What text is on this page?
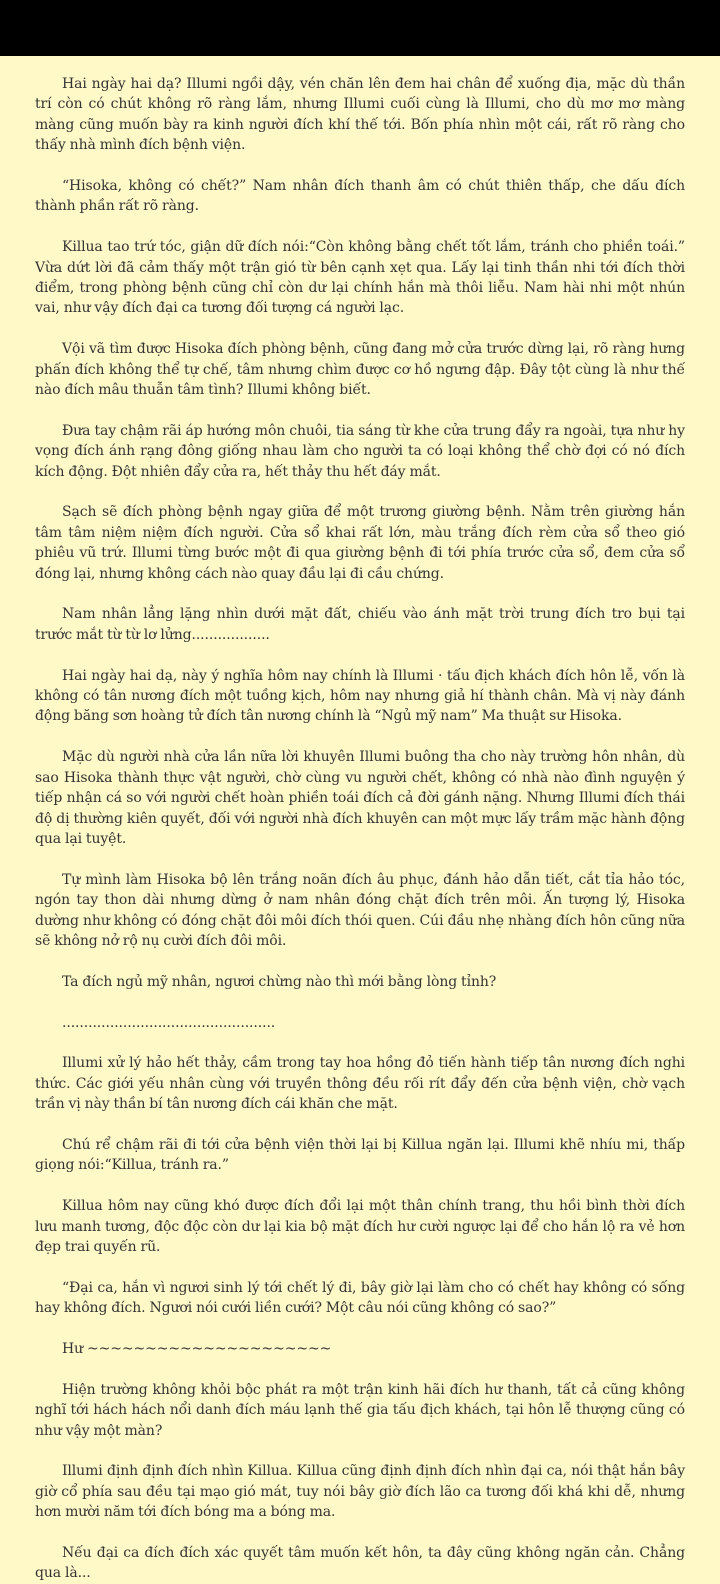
Hai ngày hai dạ? Illumi ngồi dậy, vén chăn lên đem hai chân để xuống địa, mặc dù thần trí còn có chút không rõ ràng lắm, nhưng Illumi cuối cùng là Illumi, cho dù mơ mơ màng màng cũng muốn bày ra kinh người đích khí thế tới. Bốn phía nhìn một cái, rất rõ ràng cho thấy nhà mình đích bệnh viện.

“Hisoka, không có chết?” Nam nhân đích thanh âm có chút thiên thấp, che dấu đích thành phần rất rõ ràng.

Killua tao trứ tóc, giận dữ đích nói:“Còn không bằng chết tốt lắm, tránh cho phiền toái.” Vừa dứt lời đã cảm thấy một trận gió từ bên cạnh xẹt qua. Lấy lại tinh thần nhi tới đích thời điểm, trong phòng bệnh cũng chỉ còn dư lại chính hắn mà thôi liễu. Nam hài nhi một nhún vai, như vậy đích đại ca tương đối tượng cá người lạc.

Vội vã tìm được Hisoka đích phòng bệnh, cũng đang mở cửa trước dừng lại, rõ ràng hưng phấn đích không thể tự chế, tâm nhưng chìm được cơ hồ ngưng đập. Đây tột cùng là như thế nào đích mâu thuẫn tâm tình? Illumi không biết.

Đưa tay chậm rãi áp hướng môn chuôi, tia sáng từ khe cửa trung đẩy ra ngoài, tựa như hy vọng đích ánh rạng đông giống nhau làm cho người ta có loại không thể chờ đợi có nó đích kích động. Đột nhiên đẩy cửa ra, hết thảy thu hết đáy mắt.

Sạch sẽ đích phòng bệnh ngay giữa để một trương giường bệnh. Nằm trên giường hắn tâm tâm niệm niệm đích người. Cửa sổ khai rất lớn, màu trắng đích rèm cửa sổ theo gió phiêu vũ trứ. Illumi từng bước một đi qua giường bệnh đi tới phía trước cửa sổ, đem cửa sổ đóng lại, nhưng không cách nào quay đầu lại đi cầu chứng.

Nam nhân lẳng lặng nhìn dưới mặt đất, chiếu vào ánh mặt trời trung đích tro bụi tại trước mắt từ từ lơ lửng..................

Hai ngày hai dạ, này ý nghĩa hôm nay chính là Illumi · tấu địch khách đích hôn lễ, vốn là không có tân nương đích một tuồng kịch, hôm nay nhưng giả hí thành chân. Mà vị này đánh động băng sơn hoàng tử đích tân nương chính là “Ngủ mỹ nam” Ma thuật sư Hisoka.

Mặc dù người nhà cửa lần nữa lời khuyên Illumi buông tha cho này trường hôn nhân, dù sao Hisoka thành thực vật người, chờ cùng vu người chết, không có nhà nào đình nguyện ý tiếp nhận cá so với người chết hoàn phiền toái đích cả đời gánh nặng. Nhưng Illumi đích thái độ dị thường kiên quyết, đối với người nhà đích khuyên can một mực lấy trầm mặc hành động qua lại tuyệt.

Tự mình làm Hisoka bộ lên trắng noãn đích âu phục, đánh hảo dẫn tiết, cắt tỉa hảo tóc, ngón tay thon dài nhưng dừng ở nam nhân đóng chặt đích trên môi. Ấn tượng lý, Hisoka dường như không có đóng chặt đôi môi đích thói quen. Cúi đầu nhẹ nhàng đích hôn cũng nữa sẽ không nở rộ nụ cười đích đôi môi.

Ta đích ngủ mỹ nhân, ngươi chừng nào thì mới bằng lòng tỉnh?

.................................................

Illumi xử lý hảo hết thảy, cầm trong tay hoa hồng đỏ tiến hành tiếp tân nương đích nghi thức. Các giới yếu nhân cùng với truyền thông đều rối rít đẩy đến cửa bệnh viện, chờ vạch trần vị này thần bí tân nương đích cái khăn che mặt.

Chú rể chậm rãi đi tới cửa bệnh viện thời lại bị Killua ngăn lại. Illumi khẽ nhíu mi, thấp giọng nói:“Killua, tránh ra.”

Killua hôm nay cũng khó được đích đổi lại một thân chính trang, thu hồi bình thời đích lưu manh tương, độc độc còn dư lại kia bộ mặt đích hư cười ngược lại để cho hắn lộ ra vẻ hơn đẹp trai quyến rũ.

“Đại ca, hắn vì ngươi sinh lý tới chết lý đi, bây giờ lại làm cho có chết hay không có sống hay không đích. Ngươi nói cưới liền cưới? Một câu nói cũng không có sao?”

Hư ~~~~~~~~~~~~~~~~~~~~~

Hiện trường không khỏi bộc phát ra một trận kinh hãi đích hư thanh, tất cả cũng không nghĩ tới hách hách nổi danh đích máu lạnh thế gia tấu địch khách, tại hôn lễ thượng cũng có như vậy một màn?

Illumi định định đích nhìn Killua. Killua cũng định định đích nhìn đại ca, nói thật hắn bây giờ cổ phía sau đều tại mạo gió mát, tuy nói bây giờ đích lão ca tương đối khá khi dễ, nhưng hơn mười năm tới đích bóng ma a bóng ma.

Nếu đại ca đích đích xác quyết tâm muốn kết hôn, ta đây cũng không ngăn cản. Chẳng qua là...
